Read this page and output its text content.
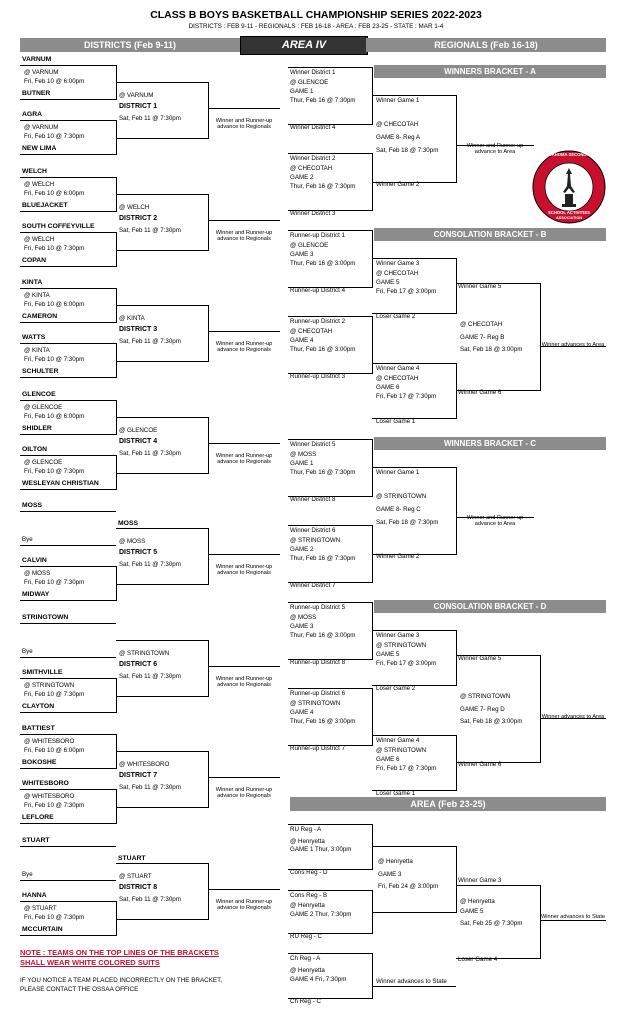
CLASS B BOYS BASKETBALL CHAMPIONSHIP SERIES 2022-2023
DISTRICTS : FEB 9-11 - REGIONALS : FEB 16-18 - AREA : FEB 23-25 - STATE : MAR 1-4
DISTRICTS (Feb 9-11)	AREA IV	REGIONALS (Feb 16-18)
VARNUM
@ VARNUM
Fri, Feb 10 @ 6:00pm
BUTNER
AGRA
@ VARNUM
Fri, Feb 10 @ 7:30pm
NEW LIMA
@ VARNUM
DISTRICT 1
Sat, Feb 11 @ 7:30pm	Winner and Runner-up advance to Regionals
WELCH
@ WELCH
Fri, Feb 10 @ 6:00pm
BLUEJACKET
SOUTH COFFEYVILLE
@ WELCH
Fri, Feb 10 @ 7:30pm
COPAN
@ WELCH
DISTRICT 2
Sat, Feb 11 @ 7:30pm	Winner and Runner-up advance to Regionals
KINTA
@ KINTA
Fri, Feb 10 @ 6:00pm
CAMERON
WATTS
@ KINTA
Fri, Feb 10 @ 7:30pm
SCHULTER
@ KINTA
DISTRICT 3
Sat, Feb 11 @ 7:30pm	Winner and Runner-up advance to Regionals
GLENCOE
@ GLENCOE
Fri, Feb 10 @ 6:00pm
SHIDLER
OILTON
@ GLENCOE
Fri, Feb 10 @ 7:30pm
WESLEYAN CHRISTIAN
@ GLENCOE
DISTRICT 4
Sat, Feb 11 @ 7:30pm	Winner and Runner-up advance to Regionals
MOSS
Bye
CALVIN
@ MOSS
Fri, Feb 10 @ 7:30pm
MIDWAY
MOSS
@ MOSS
DISTRICT 5
Sat, Feb 11 @ 7:30pm	Winner and Runner-up advance to Regionals
STRINGTOWN
Bye
SMITHVILLE
@ STRINGTOWN
Fri, Feb 10 @ 7:30pm
CLAYTON
@ STRINGTOWN
DISTRICT 6
Sat, Feb 11 @ 7:30pm	Winner and Runner-up advance to Regionals
BATTIEST
@ WHITESBORO
Fri, Feb 10 @ 6:00pm
BOKOSHE
WHITESBORO
@ WHITESBORO
Fri, Feb 10 @ 7:30pm
LEFLORE
@ WHITESBORO
DISTRICT 7
Sat, Feb 11 @ 7:30pm	Winner and Runner-up advance to Regionals
STUART
Bye
HANNA
@ STUART
Fri, Feb 10 @ 7:30pm
MCCURTAIN
STUART
@ STUART
DISTRICT 8
Sat, Feb 11 @ 7:30pm	Winner and Runner-up advance to Regionals
WINNERS BRACKET - A
Winner District 1
@ GLENCOE
GAME 1
Thur, Feb 16 @ 7:30pm
Winner District 4
Winner District 2
@ CHECOTAH
GAME 2
Thur, Feb 16 @ 7:30pm
Winner District 3
Winner Game 1
@ CHECOTAH
GAME 8- Reg A
Sat, Feb 18 @ 7:30pm
Winner Game 2
Winner and Runner-up advance to Area
CONSOLATION BRACKET - B
Runner-up District 1
@ GLENCOE
GAME 3
Thur, Feb 16 @ 3:00pm
Runner-up District 4
Runner-up District 2
@ CHECOTAH
GAME 4
Thur, Feb 16 @ 3:00pm
Runner-up District 3
Winner Game 3
@ CHECOTAH
GAME 5
Fri, Feb 17 @ 3:00pm
Loser Game 2
Winner Game 4
@ CHECOTAH
GAME 6
Fri, Feb 17 @ 7:30pm
Loser Game 1
Winner Game 5
@ CHECOTAH
GAME 7- Reg B
Sat, Feb 18 @ 3:00pm
Winner Game 6
Winner advances to Area
WINNERS BRACKET - C
Winner District 5
@ MOSS
GAME 1
Thur, Feb 16 @ 7:30pm
Winner District 8
Winner District 6
@ STRINGTOWN
GAME 2
Thur, Feb 16 @ 7:30pm
Winner District 7
Winner Game 1
@ STRINGTOWN
GAME 8- Reg C
Sat, Feb 18 @ 7:30pm
Winner Game 2
Winner and Runner-up advance to Area
CONSOLATION BRACKET - D
Runner-up District 5
@ MOSS
GAME 3
Thur, Feb 16 @ 3:00pm
Runner-up District 8
Runner-up District 6
@ STRINGTOWN
GAME 4
Thur, Feb 16 @ 3:00pm
Runner-up District 7
Winner Game 3
@ STRINGTOWN
GAME 5
Fri, Feb 17 @ 3:00pm
Loser Game 2
Winner Game 4
@ STRINGTOWN
GAME 6
Fri, Feb 17 @ 7:30pm
Loser Game 1
Winner Game 5
@ STRINGTOWN
GAME 7- Reg D
Sat, Feb 18 @ 3:00pm
Winner Game 6
Winner advances to Area
AREA (Feb 23-25)
RU Reg - A
@ Henryetta
GAME 1 Thur, 3:00pm
Cons Reg - D
Cons Reg - B
@ Henryetta
GAME 2 Thur, 7:30pm
RU Reg - C
@ Henryetta
GAME 3
Fri, Feb 24 @ 3:00pm
Winner Game 3
@ Henryetta
GAME 5
Sat, Feb 25 @ 7:30pm
Loser Game 4
Winner advances to State
Ch Reg - A
@ Henryetta
GAME 4 Fri, 7:30pm
Ch Reg - C
Winner advances to State
NOTE : TEAMS ON THE TOP LINES OF THE BRACKETS
SHALL WEAR WHITE COLORED SUITS
IF YOU NOTICE A TEAM PLACED INCORRECTLY ON THE BRACKET,
PLEASE CONTACT THE OSSAA OFFICE
OKLAHOMA SECONDARY
SCHOOL ACTIVITIES
ASSOCIATION
